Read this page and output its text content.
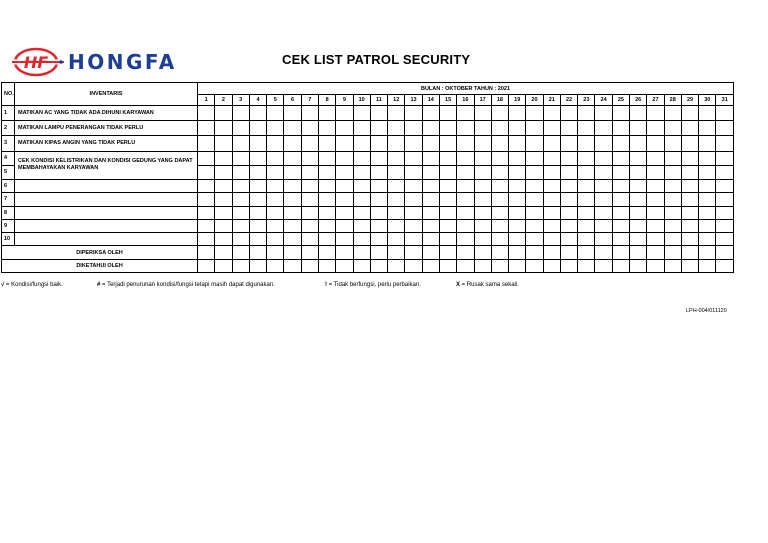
HF HONGFA	CEK LIST PATROL SECURITY
NO.	INVENTARIS	BULAN : OKTOBER TAHUN : 2021																														
		1	2	3	4	5	6	7	8	9	10	11	12	13	14	15	16	17	18	19	20	21	22	23	24	25	26	27	28	29	30	31
1	MATIKAN AC YANG TIDAK ADA DIHUNI KARYAWAN																															
2	MATIKAN LAMPU PENERANGAN TIDAK PERLU																															
3	MATIKAN KIPAS ANGIN YANG TIDAK PERLU																															
4	CEK KONDISI KELISTRIKAN DAN KONDISI GEDUNG YANG DAPAT MEMBAHAYAKAN KARYAWAN																															
5																																
6																																
7																																
8																																
9																																
10																																
DIPERIKSA OLEH																																
DIKETAHUI OLEH																																
√ = Kondisi/fungsi baik.	# = Terjadi penurunan kondisi/fungsi tetapi masih dapat digunakan.	! = Tidak berfungsi, perlu perbaikan.	X = Rusak sama sekali.
LPH-004/011120
